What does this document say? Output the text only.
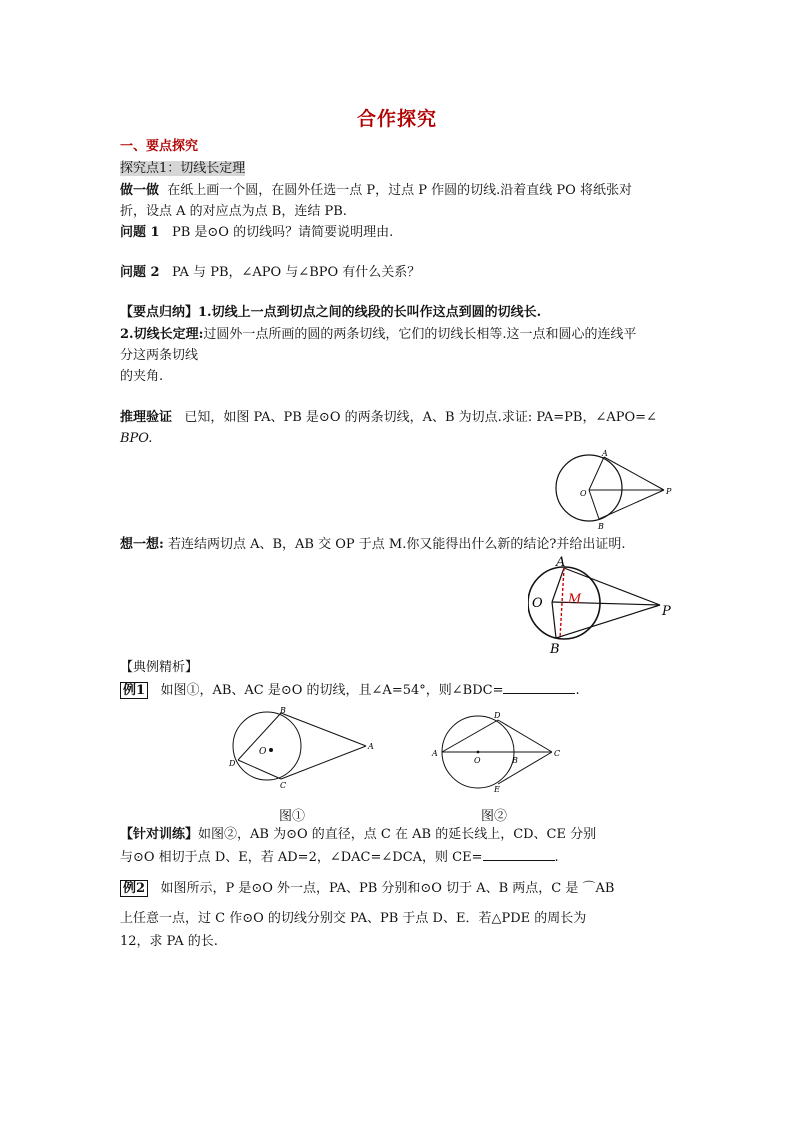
合作探究
一、要点探究
探究点1：切线长定理
做一做 在纸上画一个圆，在圆外任选一点 P，过点 P 作圆的切线.沿着直线 PO 将纸张对
折，设点 A 的对应点为点 B，连结 PB.
问题 1 PB 是⊙O 的切线吗？请简要说明理由.
问题 2 PA 与 PB，∠APO 与∠BPO 有什么关系？
【要点归纳】1.切线上一点到切点之间的线段的长叫作这点到圆的切线长.
2.切线长定理:过圆外一点所画的圆的两条切线，它们的切线长相等.这一点和圆心的连线平
分这两条切线
的夹角.
推理验证 已知，如图 PA、PB 是⊙O 的两条切线，A、B 为切点.求证: PA=PB，∠APO=∠
BPO.
A
B
O	P
想一想: 若连结两切点 A、B，AB 交 OP 于点 M.你又能得出什么新的结论?并给出证明.
A
B
O M
P
【典例精析】
例1 如图①，AB、AC 是⊙O 的切线，且∠A=54°，则∠BDC=	.
O
B
D
C
A
A
O	B
C
D
E
图①	图②
【针对训练】如图②，AB 为⊙O 的直径，点 C 在 AB 的延长线上，CD、CE 分别
与⊙O 相切于点 D、E，若 AD=2，∠DAC=∠DCA，则 CE=	.
例2 如图所示，P 是⊙O 外一点，PA、PB 分别和⊙O 切于 A、B 两点，C 是 ⌒AB
上任意一点，过 C 作⊙O 的切线分别交 PA、PB 于点 D、E．若△PDE 的周长为
12，求 PA 的长.
